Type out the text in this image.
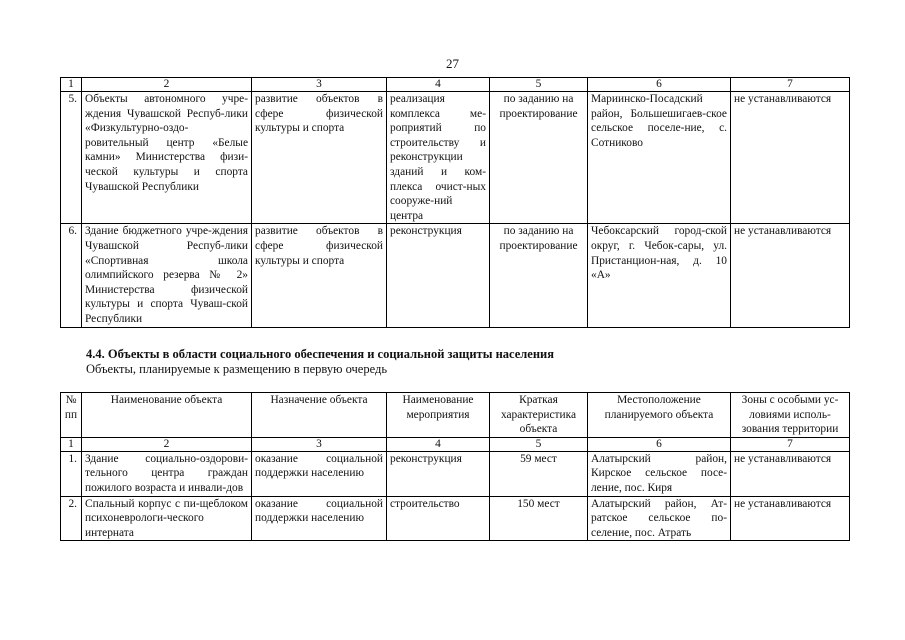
27
1	2	3	4	5	6	7
5.	Объекты автономного учре-ждения Чувашской Респуб-лики «Физкультурно-оздо-ровительный центр «Белые камни» Министерства физи-ческой культуры и спорта Чувашской Республики	развитие объектов в сфере физической культуры и спорта	реализация комплекса ме-роприятий по строительству и реконструкции зданий и ком-плекса очист-ных сооруже-ний центра	по заданию на проектирование	Мариинско-Посадский район, Большешигаев-ское сельское поселе-ние, с. Сотниково	не устанавливаются
6.	Здание бюджетного учре-ждения Чувашской Респуб-лики «Спортивная школа олимпийского резерва № 2» Министерства физической культуры и спорта Чуваш-ской Республики	развитие объектов в сфере физической культуры и спорта	реконструкция	по заданию на проектирование	Чебоксарский город-ской округ, г. Чебок-сары, ул. Пристанцион-ная, д. 10 «А»	не устанавливаются
4.4. Объекты в области социального обеспечения и социальной защиты населения
Объекты, планируемые к размещению в первую очередь
№ пп	Наименование объекта	Назначение объекта	Наименование мероприятия	Краткая характеристика объекта	Местоположение планируемого объекта	Зоны с особыми ус-ловиями исполь-зования территории
1	2	3	4	5	6	7
1.	Здание социально-оздорови-тельного центра граждан пожилого возраста и инвали-дов	оказание социальной поддержки населению	реконструкция	59 мест	Алатырский район, Кирское сельское посе-ление, пос. Киря	не устанавливаются
2.	Спальный корпус с пи-щеблоком психоневрологи-ческого интерната	оказание социальной поддержки населению	строительство	150 мест	Алатырский район, Ат-ратское сельское по-селение, пос. Атрать	не устанавливаются
